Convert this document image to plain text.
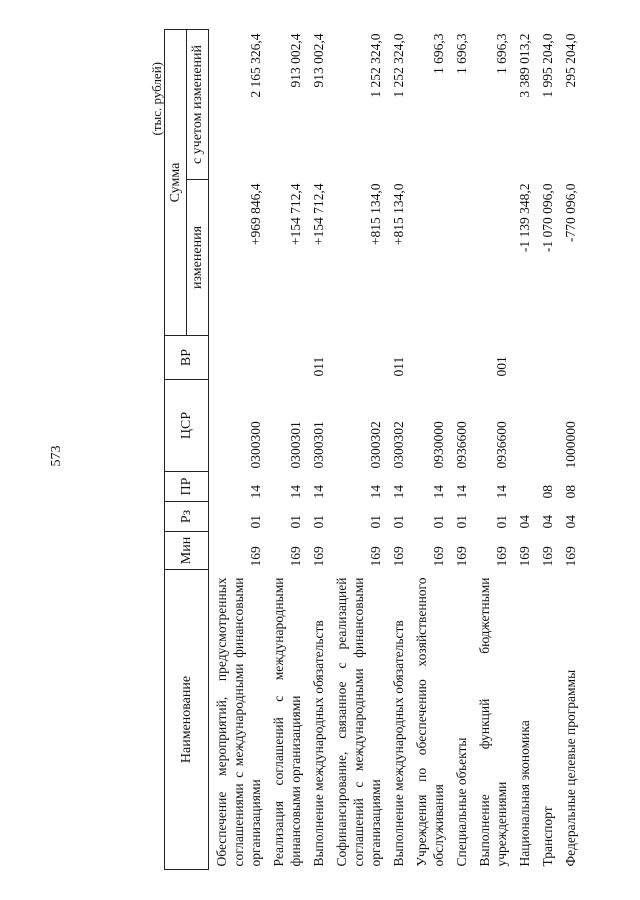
573
(тыс. рублей)
Наименование	Мин	Рз	ПР	ЦСР	ВР	Сумма	
						изменения	с учетом изменений
Обеспечение мероприятий, предусмотренных соглашениями с международными финансовыми организациями	169	01	14	0300300		+969 846,4	2 165 326,4
Реализация соглашений с международными финансовыми организациями	169	01	14	0300301		+154 712,4	913 002,4
Выполнение международных обязательств	169	01	14	0300301	011	+154 712,4	913 002,4
Софинансирование, связанное с реализацией соглашений с международными финансовыми организациями	169	01	14	0300302		+815 134,0	1 252 324,0
Выполнение международных обязательств	169	01	14	0300302	011	+815 134,0	1 252 324,0
Учреждения по обеспечению хозяйственного обслуживания	169	01	14	0930000			1 696,3
Специальные объекты	169	01	14	0936600			1 696,3
Выполнение функций бюджетными учреждениями	169	01	14	0936600	001		1 696,3
Национальная экономика	169	04				-1 139 348,2	3 389 013,2
Транспорт	169	04	08			-1 070 096,0	1 995 204,0
Федеральные целевые программы	169	04	08	1000000		-770 096,0	295 204,0
